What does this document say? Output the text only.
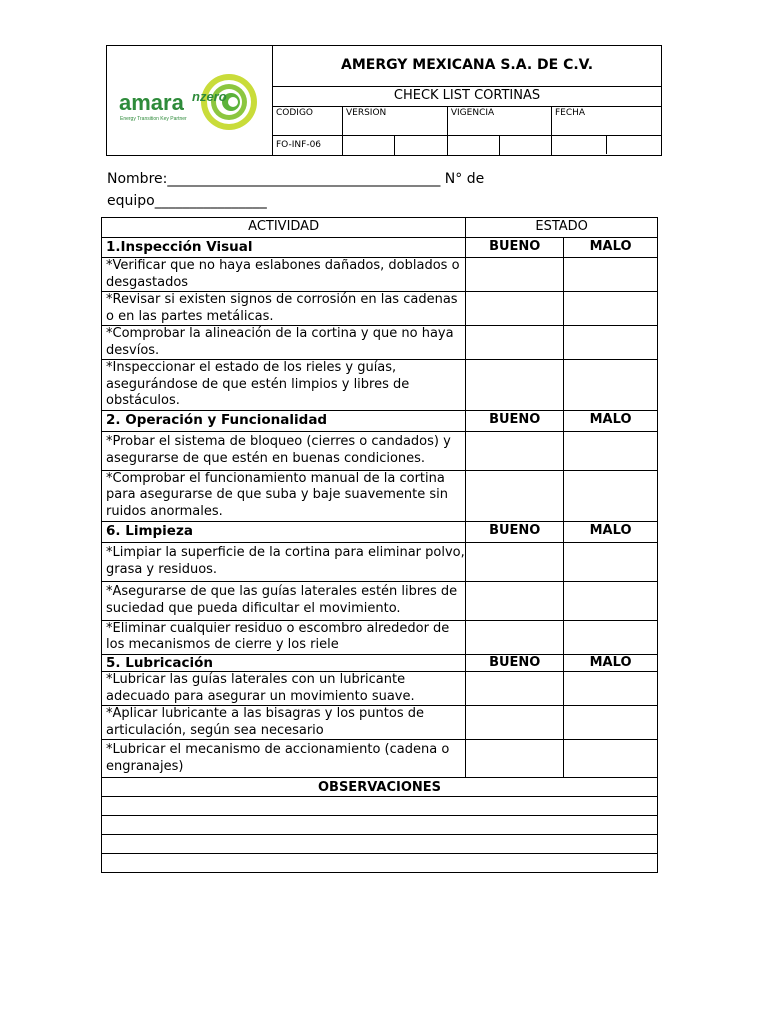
amara nzero
Energy Transition Key Partner	AMERGY MEXICANA S.A. DE C.V.					
	CHECK LIST CORTINAS					
	CODIGO	VERSION		VIGENCIA		FECHA
	FO-INF-06					
Nombre:_______________________________________ N° de equipo________________
ACTIVIDAD	ESTADO	
1.Inspección Visual	BUENO	MALO
*Verificar que no haya eslabones dañados, doblados o desgastados		
*Revisar si existen signos de corrosión en las cadenas o en las partes metálicas.		
*Comprobar la alineación de la cortina y que no haya desvíos.		
*Inspeccionar el estado de los rieles y guías, asegurándose de que estén limpios y libres de obstáculos.		
2. Operación y Funcionalidad	BUENO	MALO
*Probar el sistema de bloqueo (cierres o candados) y asegurarse de que estén en buenas condiciones.		
*Comprobar el funcionamiento manual de la cortina para asegurarse de que suba y baje suavemente sin ruidos anormales.		
6. Limpieza	BUENO	MALO
*Limpiar la superficie de la cortina para eliminar polvo, grasa y residuos.		
*Asegurarse de que las guías laterales estén libres de suciedad que pueda dificultar el movimiento.		
*Eliminar cualquier residuo o escombro alrededor de los mecanismos de cierre y los riele		
5. Lubricación	BUENO	MALO
*Lubricar las guías laterales con un lubricante adecuado para asegurar un movimiento suave.		
*Aplicar lubricante a las bisagras y los puntos de articulación, según sea necesario		
*Lubricar el mecanismo de accionamiento (cadena o engranajes)		
OBSERVACIONES
